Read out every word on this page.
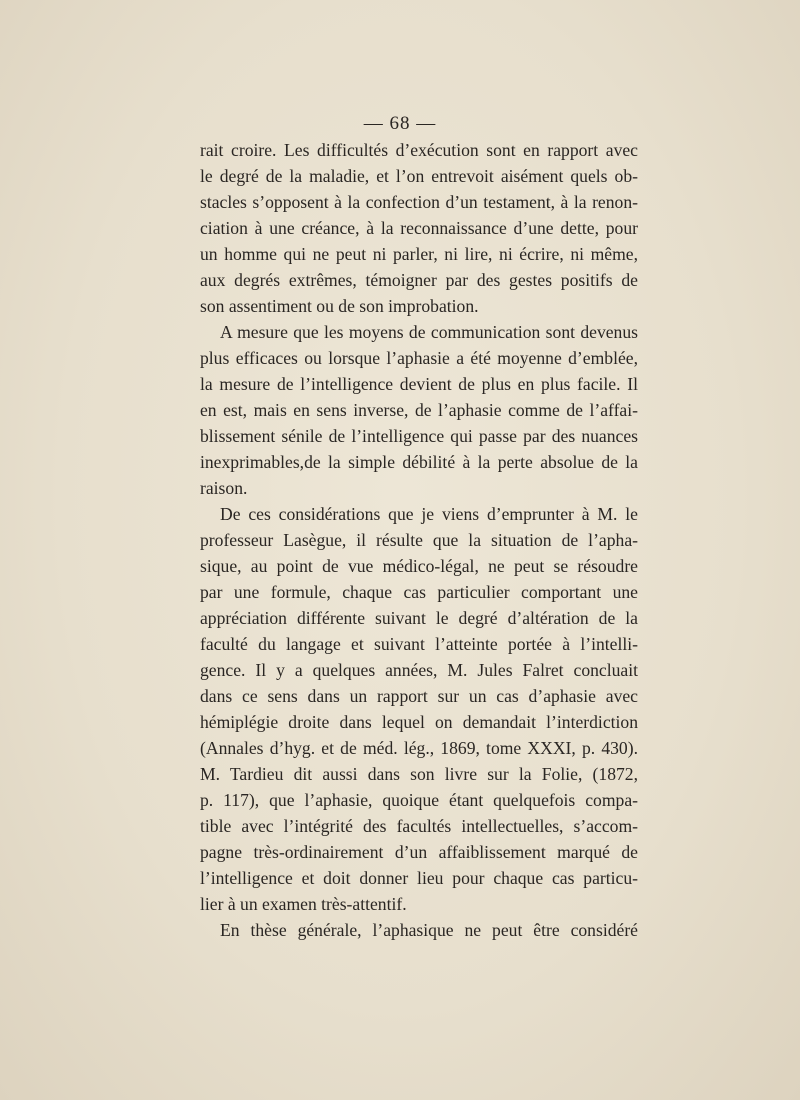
— 68 —
rait croire. Les difficultés d’exécution sont en rapport avec
le degré de la maladie, et l’on entrevoit aisément quels ob-
stacles s’opposent à la confection d’un testament, à la renon-
ciation à une créance, à la reconnaissance d’une dette, pour
un homme qui ne peut ni parler, ni lire, ni écrire, ni même,
aux degrés extrêmes, témoigner par des gestes positifs de
son assentiment ou de son improbation.
A mesure que les moyens de communication sont devenus
plus efficaces ou lorsque l’aphasie a été moyenne d’emblée,
la mesure de l’intelligence devient de plus en plus facile. Il
en est, mais en sens inverse, de l’aphasie comme de l’affai-
blissement sénile de l’intelligence qui passe par des nuances
inexprimables,de la simple débilité à la perte absolue de la
raison.
De ces considérations que je viens d’emprunter à M. le
professeur Lasègue, il résulte que la situation de l’apha-
sique, au point de vue médico-légal, ne peut se résoudre
par une formule, chaque cas particulier comportant une
appréciation différente suivant le degré d’altération de la
faculté du langage et suivant l’atteinte portée à l’intelli-
gence. Il y a quelques années, M. Jules Falret concluait
dans ce sens dans un rapport sur un cas d’aphasie avec
hémiplégie droite dans lequel on demandait l’interdiction
(Annales d’hyg. et de méd. lég., 1869, tome XXXI, p. 430).
M. Tardieu dit aussi dans son livre sur la Folie, (1872,
p. 117), que l’aphasie, quoique étant quelquefois compa-
tible avec l’intégrité des facultés intellectuelles, s’accom-
pagne très-ordinairement d’un affaiblissement marqué de
l’intelligence et doit donner lieu pour chaque cas particu-
lier à un examen très-attentif.
En thèse générale, l’aphasique ne peut être considéré
